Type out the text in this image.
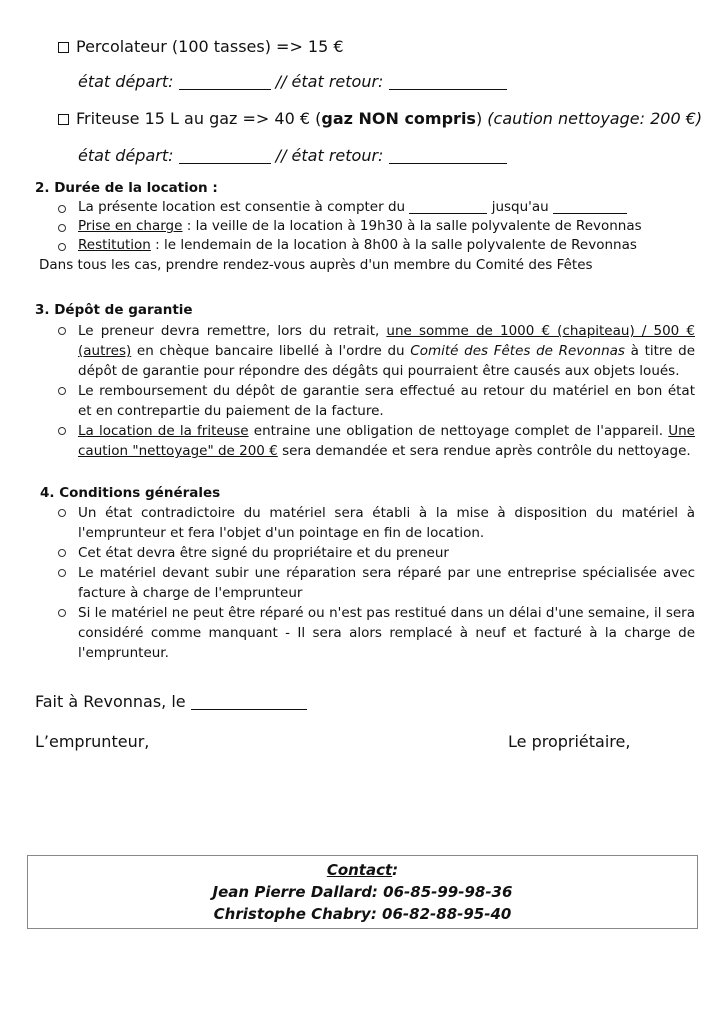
Percolateur (100 tasses) => 15 €
état départ:	// état retour:
Friteuse 15 L au gaz => 40 € (gaz NON compris) (caution nettoyage: 200 €)
état départ:	// état retour:
2. Durée de la location :
La présente location est consentie à compter du	jusqu'au
Prise en charge : la veille de la location à 19h30 à la salle polyvalente de Revonnas
Restitution : le lendemain de la location à 8h00 à la salle polyvalente de Revonnas
Dans tous les cas, prendre rendez-vous auprès d'un membre du Comité des Fêtes
3. Dépôt de garantie
Le preneur devra remettre, lors du retrait, une somme de 1000 € (chapiteau) / 500 € (autres) en chèque bancaire libellé à l'ordre du Comité des Fêtes de Revonnas à titre de dépôt de garantie pour répondre des dégâts qui pourraient être causés aux objets loués.
Le remboursement du dépôt de garantie sera effectué au retour du matériel en bon état et en contrepartie du paiement de la facture.
La location de la friteuse entraine une obligation de nettoyage complet de l'appareil. Une caution "nettoyage" de 200 € sera demandée et sera rendue après contrôle du nettoyage.
4. Conditions générales
Un état contradictoire du matériel sera établi à la mise à disposition du matériel à l'emprunteur et fera l'objet d'un pointage en fin de location.
Cet état devra être signé du propriétaire et du preneur
Le matériel devant subir une réparation sera réparé par une entreprise spécialisée avec facture à charge de l'emprunteur
Si le matériel ne peut être réparé ou n'est pas restitué dans un délai d'une semaine, il sera considéré comme manquant - Il sera alors remplacé à neuf et facturé à la charge de l'emprunteur.
Fait à Revonnas, le
L’emprunteur,	Le propriétaire,
Contact:
Jean Pierre Dallard: 06-85-99-98-36
Christophe Chabry: 06-82-88-95-40
